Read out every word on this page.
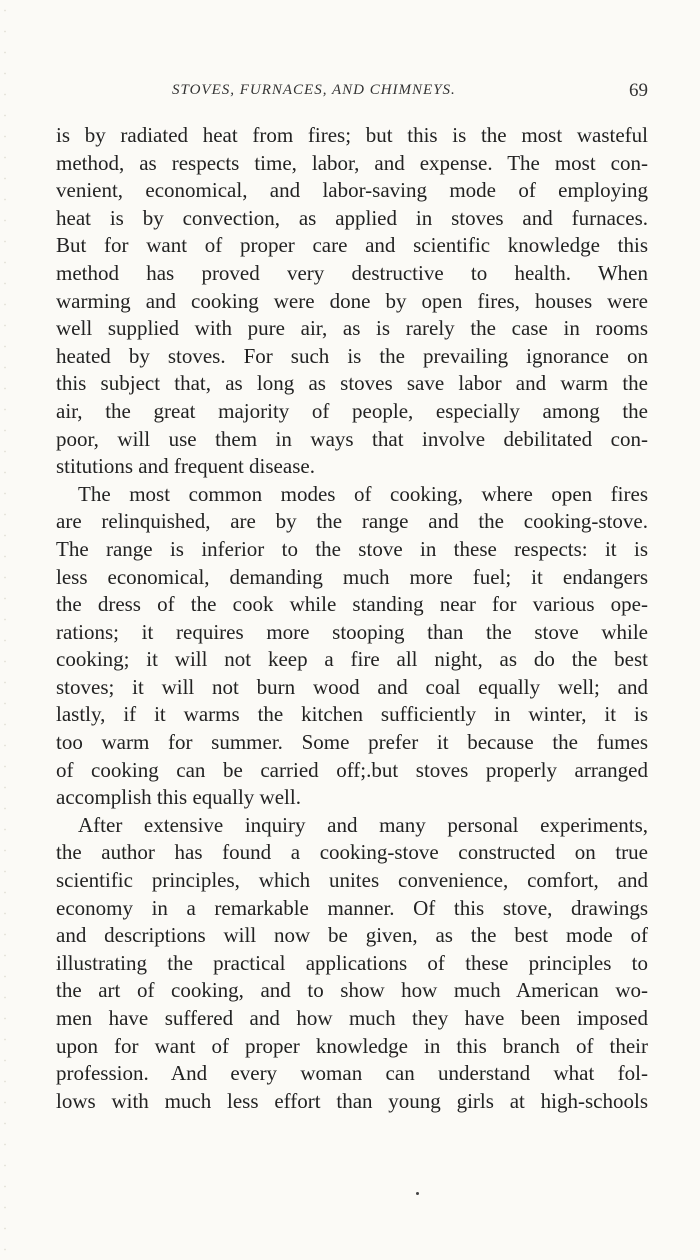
STOVES, FURNACES, AND CHIMNEYS.	69
is by radiated heat from fires; but this is the most wasteful
method, as respects time, labor, and expense. The most con-
venient, economical, and labor-saving mode of employing
heat is by convection, as applied in stoves and furnaces.
But for want of proper care and scientific knowledge this
method has proved very destructive to health. When
warming and cooking were done by open fires, houses were
well supplied with pure air, as is rarely the case in rooms
heated by stoves. For such is the prevailing ignorance on
this subject that, as long as stoves save labor and warm the
air, the great majority of people, especially among the
poor, will use them in ways that involve debilitated con-
stitutions and frequent disease.
The most common modes of cooking, where open fires
are relinquished, are by the range and the cooking-stove.
The range is inferior to the stove in these respects: it is
less economical, demanding much more fuel; it endangers
the dress of the cook while standing near for various ope-
rations; it requires more stooping than the stove while
cooking; it will not keep a fire all night, as do the best
stoves; it will not burn wood and coal equally well; and
lastly, if it warms the kitchen sufficiently in winter, it is
too warm for summer. Some prefer it because the fumes
of cooking can be carried off;.but stoves properly arranged
accomplish this equally well.
After extensive inquiry and many personal experiments,
the author has found a cooking-stove constructed on true
scientific principles, which unites convenience, comfort, and
economy in a remarkable manner. Of this stove, drawings
and descriptions will now be given, as the best mode of
illustrating the practical applications of these principles to
the art of cooking, and to show how much American wo-
men have suffered and how much they have been imposed
upon for want of proper knowledge in this branch of their
profession. And every woman can understand what fol-
lows with much less effort than young girls at high-schools
